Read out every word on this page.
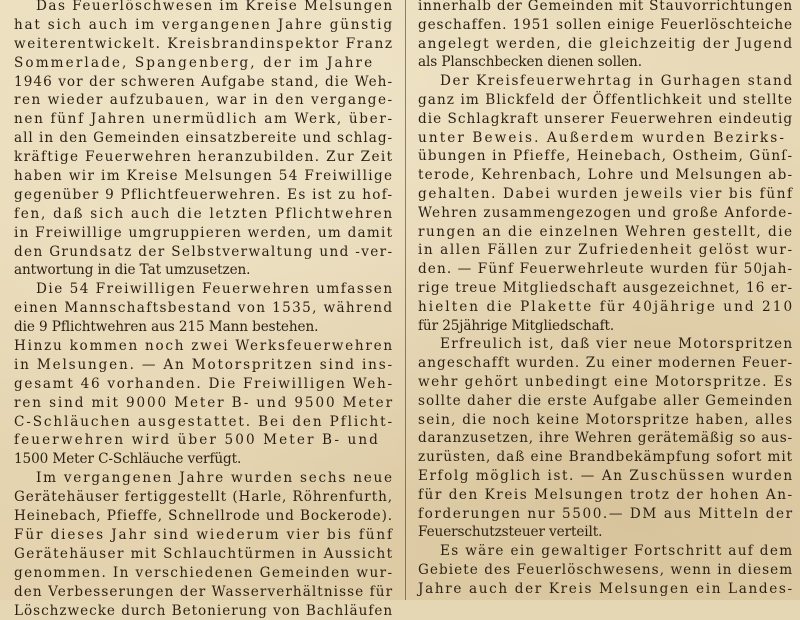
Das Feuerlöschwesen im Kreise Melsungen
hat sich auch im vergangenen Jahre günstig
weiterentwickelt. Kreisbrandinspektor Franz
Sommerlade, Spangenberg, der im Jahre
1946 vor der schweren Aufgabe stand, die Weh-
ren wieder aufzubauen, war in den vergange-
nen fünf Jahren unermüdlich am Werk, über-
all in den Gemeinden einsatzbereite und schlag-
kräftige Feuerwehren heranzubilden. Zur Zeit
haben wir im Kreise Melsungen 54 Freiwillige
gegenüber 9 Pflichtfeuerwehren. Es ist zu hof-
fen, daß sich auch die letzten Pflichtwehren
in Freiwillige umgruppieren werden, um damit
den Grundsatz der Selbstverwaltung und -ver-
antwortung in die Tat umzusetzen.
Die 54 Freiwilligen Feuerwehren umfassen
einen Mannschaftsbestand von 1535, während
die 9 Pflichtwehren aus 215 Mann bestehen.
Hinzu kommen noch zwei Werksfeuerwehren
in Melsungen. — An Motorspritzen sind ins-
gesamt 46 vorhanden. Die Freiwilligen Weh-
ren sind mit 9000 Meter B- und 9500 Meter
C-Schläuchen ausgestattet. Bei den Pflicht-
feuerwehren wird über 500 Meter B- und
1500 Meter C-Schläuche verfügt.
Im vergangenen Jahre wurden sechs neue
Gerätehäuser fertiggestellt (Harle, Röhrenfurth,
Heinebach, Pfieffe, Schnellrode und Bockerode).
Für dieses Jahr sind wiederum vier bis fünf
Gerätehäuser mit Schlauchtürmen in Aussicht
genommen. In verschiedenen Gemeinden wur-
den Verbesserungen der Wasserverhältnisse für
Löschzwecke durch Betonierung von Bachläufen
innerhalb der Gemeinden mit Stauvorrichtungen
geschaffen. 1951 sollen einige Feuerlöschteiche
angelegt werden, die gleichzeitig der Jugend
als Planschbecken dienen sollen.
Der Kreisfeuerwehrtag in Gurhagen stand
ganz im Blickfeld der Öffentlichkeit und stellte
die Schlagkraft unserer Feuerwehren eindeutig
unter Beweis. Außerdem wurden Bezirks-
übungen in Pfieffe, Heinebach, Ostheim, Günſ-
terode, Kehrenbach, Lohre und Melsungen ab-
gehalten. Dabei wurden jeweils vier bis fünf
Wehren zusammengezogen und große Anforde-
rungen an die einzelnen Wehren gestellt, die
in allen Fällen zur Zufriedenheit gelöst wur-
den. — Fünf Feuerwehrleute wurden für 50jah-
rige treue Mitgliedschaft ausgezeichnet, 16 er-
hielten die Plakette für 40jährige und 210
für 25jährige Mitgliedschaft.
Erfreulich ist, daß vier neue Motorspritzen
angeschafft wurden. Zu einer modernen Feuer-
wehr gehört unbedingt eine Motorspritze. Es
sollte daher die erste Aufgabe aller Gemeinden
sein, die noch keine Motorspritze haben, alles
daranzusetzen, ihre Wehren gerätemäßig so aus-
zurüsten, daß eine Brandbekämpfung sofort mit
Erfolg möglich ist. — An Zuschüssen wurden
für den Kreis Melsungen trotz der hohen An-
forderungen nur 5500.— DM aus Mitteln der
Feuerschutzsteuer verteilt.
Es wäre ein gewaltiger Fortschritt auf dem
Gebiete des Feuerlöschwesens, wenn in diesem
Jahre auch der Kreis Melsungen ein Landes-
